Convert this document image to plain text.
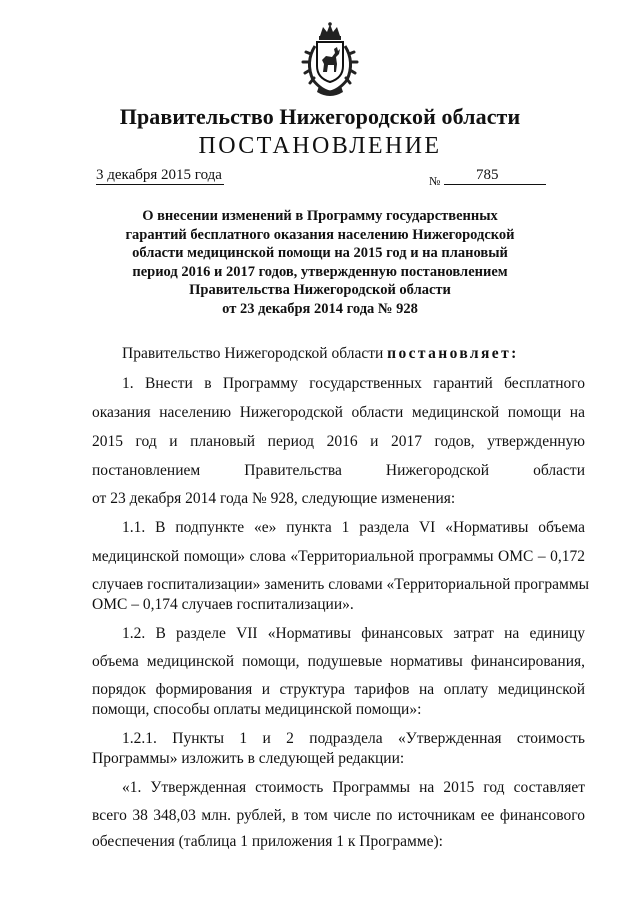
Правительство Нижегородской области
ПОСТАНОВЛЕНИЕ
3 декабря 2015 года	№ 785
О внесении изменений в Программу государственных
гарантий бесплатного оказания населению Нижегородской
области медицинской помощи на 2015 год и на плановый
период 2016 и 2017 годов, утвержденную постановлением
Правительства Нижегородской области
от 23 декабря 2014 года № 928
Правительство Нижегородской области постановляет:
1. Внести в Программу государственных гарантий бесплатного
оказания населению Нижегородской области медицинской помощи на
2015 год и плановый период 2016 и 2017 годов, утвержденную
постановлением Правительства Нижегородской области
от 23 декабря 2014 года № 928, следующие изменения:
1.1. В подпункте «е» пункта 1 раздела VI «Нормативы объема
медицинской помощи» слова «Территориальной программы ОМС – 0,172
случаев госпитализации» заменить словами «Территориальной программы
ОМС – 0,174 случаев госпитализации».
1.2. В разделе VII «Нормативы финансовых затрат на единицу
объема медицинской помощи, подушевые нормативы финансирования,
порядок формирования и структура тарифов на оплату медицинской
помощи, способы оплаты медицинской помощи»:
1.2.1. Пункты 1 и 2 подраздела «Утвержденная стоимость
Программы» изложить в следующей редакции:
«1. Утвержденная стоимость Программы на 2015 год составляет
всего 38 348,03 млн. рублей, в том числе по источникам ее финансового
обеспечения (таблица 1 приложения 1 к Программе):
